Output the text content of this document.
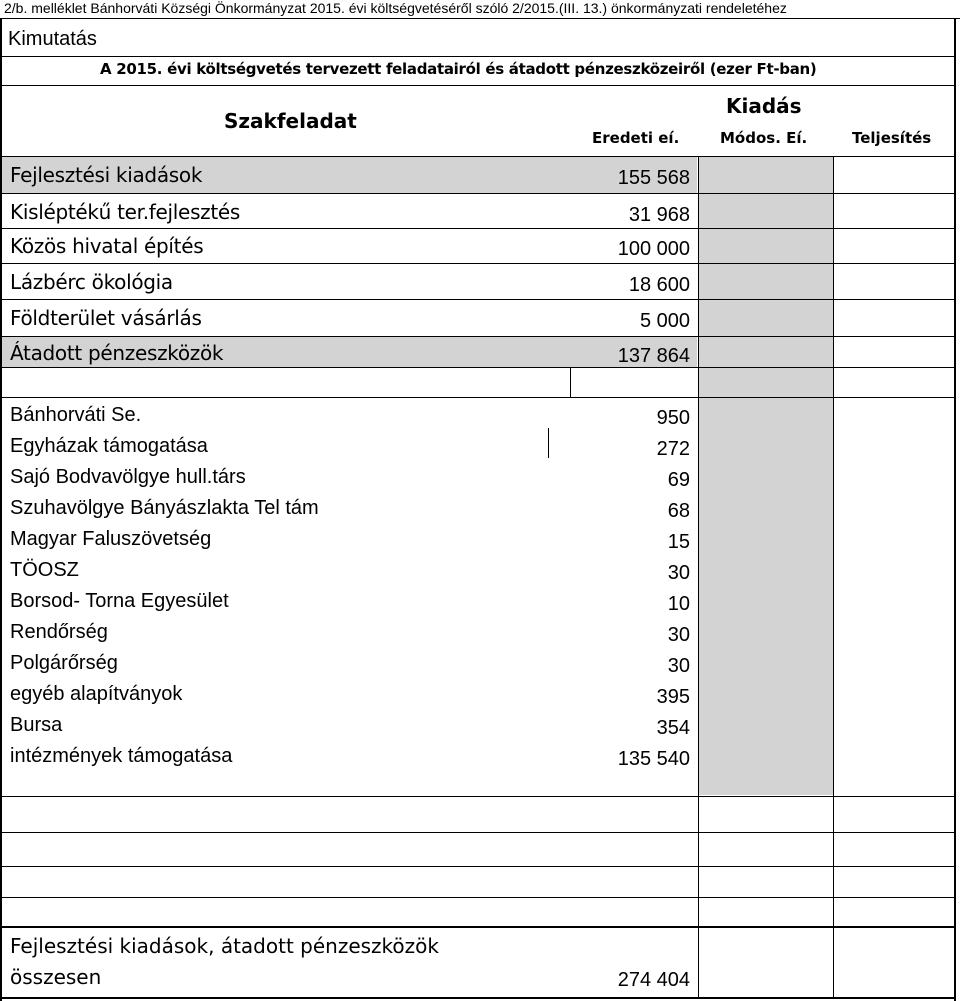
2/b. melléklet Bánhorváti Községi Önkormányzat 2015. évi költségvetéséről szóló 2/2015.(III. 13.) önkormányzati rendeletéhez
Kimutatás
A 2015. évi költségvetés tervezett feladatairól és átadott pénzeszközeiről (ezer Ft-ban)
Szakfeladat
Kiadás
Eredeti eí.	Módos. Eí.	Teljesítés
Fejlesztési kiadások	155 568
Kisléptékű ter.fejlesztés	31 968
Közös hivatal építés	100 000
Lázbérc ökológia	18 600
Földterület vásárlás	5 000
Átadott pénzeszközök	137 864
Bánhorváti Se.	950
Egyházak támogatása	272
Sajó Bodvavölgye hull.társ	69
Szuhavölgye Bányászlakta Tel tám	68
Magyar Faluszövetség	15
TÖOSZ	30
Borsod- Torna Egyesület	10
Rendőrség	30
Polgárőrség	30
egyéb alapítványok	395
Bursa	354
intézmények támogatása	135 540
Fejlesztési kiadások, átadott pénzeszközök
összesen	274 404
